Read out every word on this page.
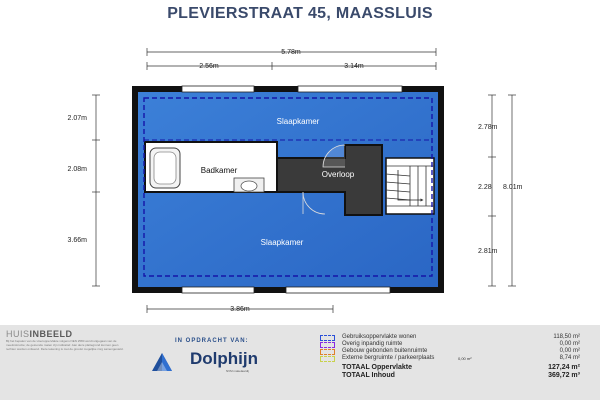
PLEVIERSTRAAT 45, MAASSLUIS
Slaapkamer
Badkamer	Overloop
Slaapkamer
5.78m
2.56m	3.14m
2.07m
2.08m
3.66m
2.78m
2.28 8.01m
2.81m
3.86m
HUISINBEELD
Bij het bepalen van de vloeroppervlakte volgens NEN 2580 wordt uitgegaan van de meetinstructie; de getoonde maten zijn indicatief. Aan deze plattegrond kunnen geen rechten worden ontleend. Deze tekening is met de grootst mogelijke zorg samengesteld.
IN OPDRACHT VAN:
Dolphijn
NVM makelaardij
Gebruiksoppervlakte wonen	118,50 m²
Overig inpandig ruimte	0,00 m²
Gebouw gebonden buitenruimte	0,00 m²
Externe bergruimte / parkeerplaats	0,00 m²	8,74 m²
TOTAAL Oppervlakte	127,24 m²
TOTAAL Inhoud	369,72 m³
